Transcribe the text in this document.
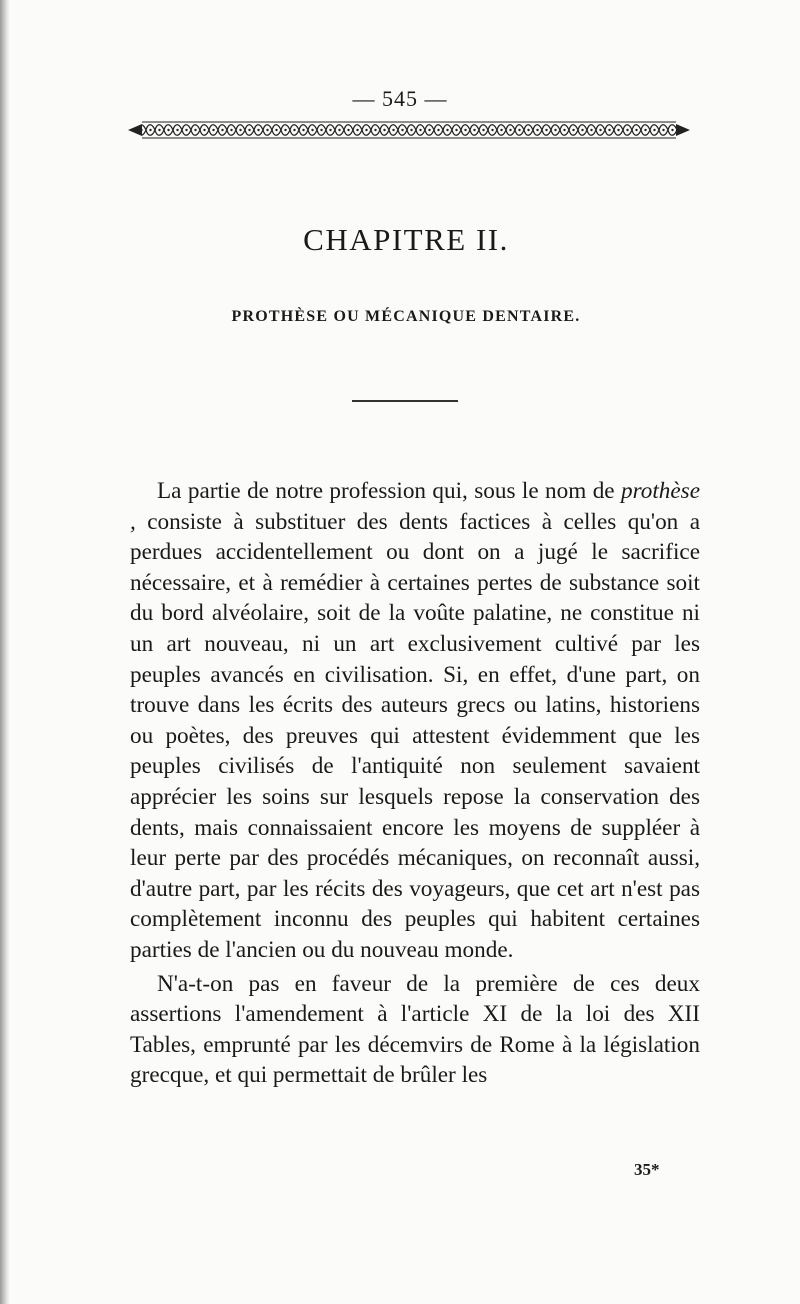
— 545 —
CHAPITRE II.
PROTHÈSE OU MÉCANIQUE DENTAIRE.

La partie de notre profession qui, sous le nom de prothèse , consiste à substituer des dents factices à celles qu'on a perdues accidentellement ou dont on a jugé le sacrifice nécessaire, et à remédier à certaines pertes de substance soit du bord alvéolaire, soit de la voûte palatine, ne constitue ni un art nouveau, ni un art exclusivement cultivé par les peuples avancés en civilisation. Si, en effet, d'une part, on trouve dans les écrits des auteurs grecs ou latins, historiens ou poètes, des preuves qui attestent évidemment que les peuples civilisés de l'antiquité non seulement savaient apprécier les soins sur lesquels repose la conservation des dents, mais connaissaient encore les moyens de suppléer à leur perte par des procédés mécaniques, on reconnaît aussi, d'autre part, par les récits des voyageurs, que cet art n'est pas complètement inconnu des peuples qui habitent certaines parties de l'ancien ou du nouveau monde.

N'a-t-on pas en faveur de la première de ces deux assertions l'amendement à l'article XI de la loi des XII Tables, emprunté par les décemvirs de Rome à la législation grecque, et qui permettait de brûler les

35*
